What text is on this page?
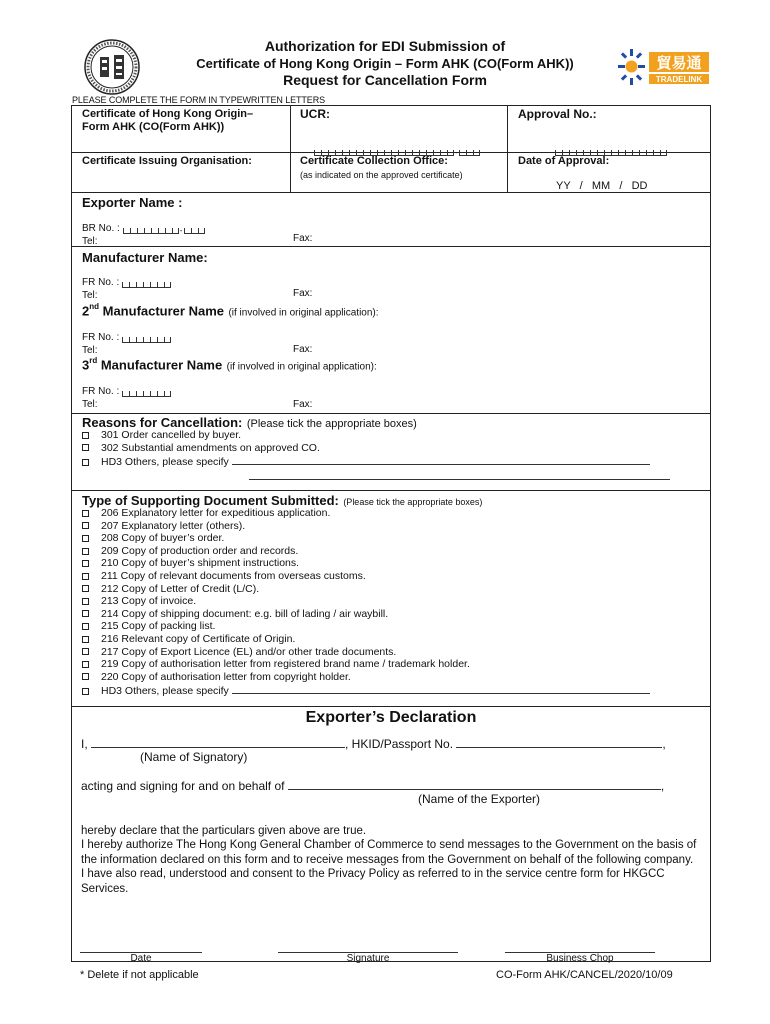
貿易通
TRADELINK
Authorization for EDI Submission of
Certificate of Hong Kong Origin – Form AHK (CO(Form AHK))
Request for Cancellation Form
PLEASE COMPLETE THE FORM IN TYPEWRITTEN LETTERS
Certificate of Hong Kong Origin–
Form AHK (CO(Form AHK))
UCR:
-
Approval No.:
Certificate Issuing Organisation:	Certificate Collection Office:
(as indicated on the approved certificate)
Date of Approval:
YY   /   MM   /   DD
Exporter Name :
BR No. :	-
Tel:	Fax:
Manufacturer Name:
FR No. :
Tel:	Fax:
2nd Manufacturer Name (if involved in original application):
FR No. :
Tel:	Fax:
3rd Manufacturer Name (if involved in original application):
FR No. :
Tel:	Fax:
Reasons for Cancellation: (Please tick the appropriate boxes)
301 Order cancelled by buyer.
302 Substantial amendments on approved CO.
HD3 Others, please specify
Type of Supporting Document Submitted: (Please tick the appropriate boxes)
206 Explanatory letter for expeditious application.
207 Explanatory letter (others).
208 Copy of buyer’s order.
209 Copy of production order and records.
210 Copy of buyer’s shipment instructions.
211 Copy of relevant documents from overseas customs.
212 Copy of Letter of Credit (L/C).
213 Copy of invoice.
214 Copy of shipping document: e.g. bill of lading / air waybill.
215 Copy of packing list.
216 Relevant copy of Certificate of Origin.
217 Copy of Export Licence (EL) and/or other trade documents.
219 Copy of authorisation letter from registered brand name / trademark holder.
220 Copy of authorisation letter from copyright holder.
HD3 Others, please specify
Exporter’s Declaration
I,	, HKID/Passport No.	,
(Name of Signatory)
acting and signing for and on behalf of	,
(Name of the Exporter)
hereby declare that the particulars given above are true.
I hereby authorize The Hong Kong General Chamber of Commerce to send messages to the Government on the basis of the information declared on this form and to receive messages from the Government on behalf of the following company.
I have also read, understood and consent to the Privacy Policy as referred to in the service centre form for HKGCC Services.
Date	Signature	Business Chop
* Delete if not applicable	CO-Form AHK/CANCEL/2020/10/09
